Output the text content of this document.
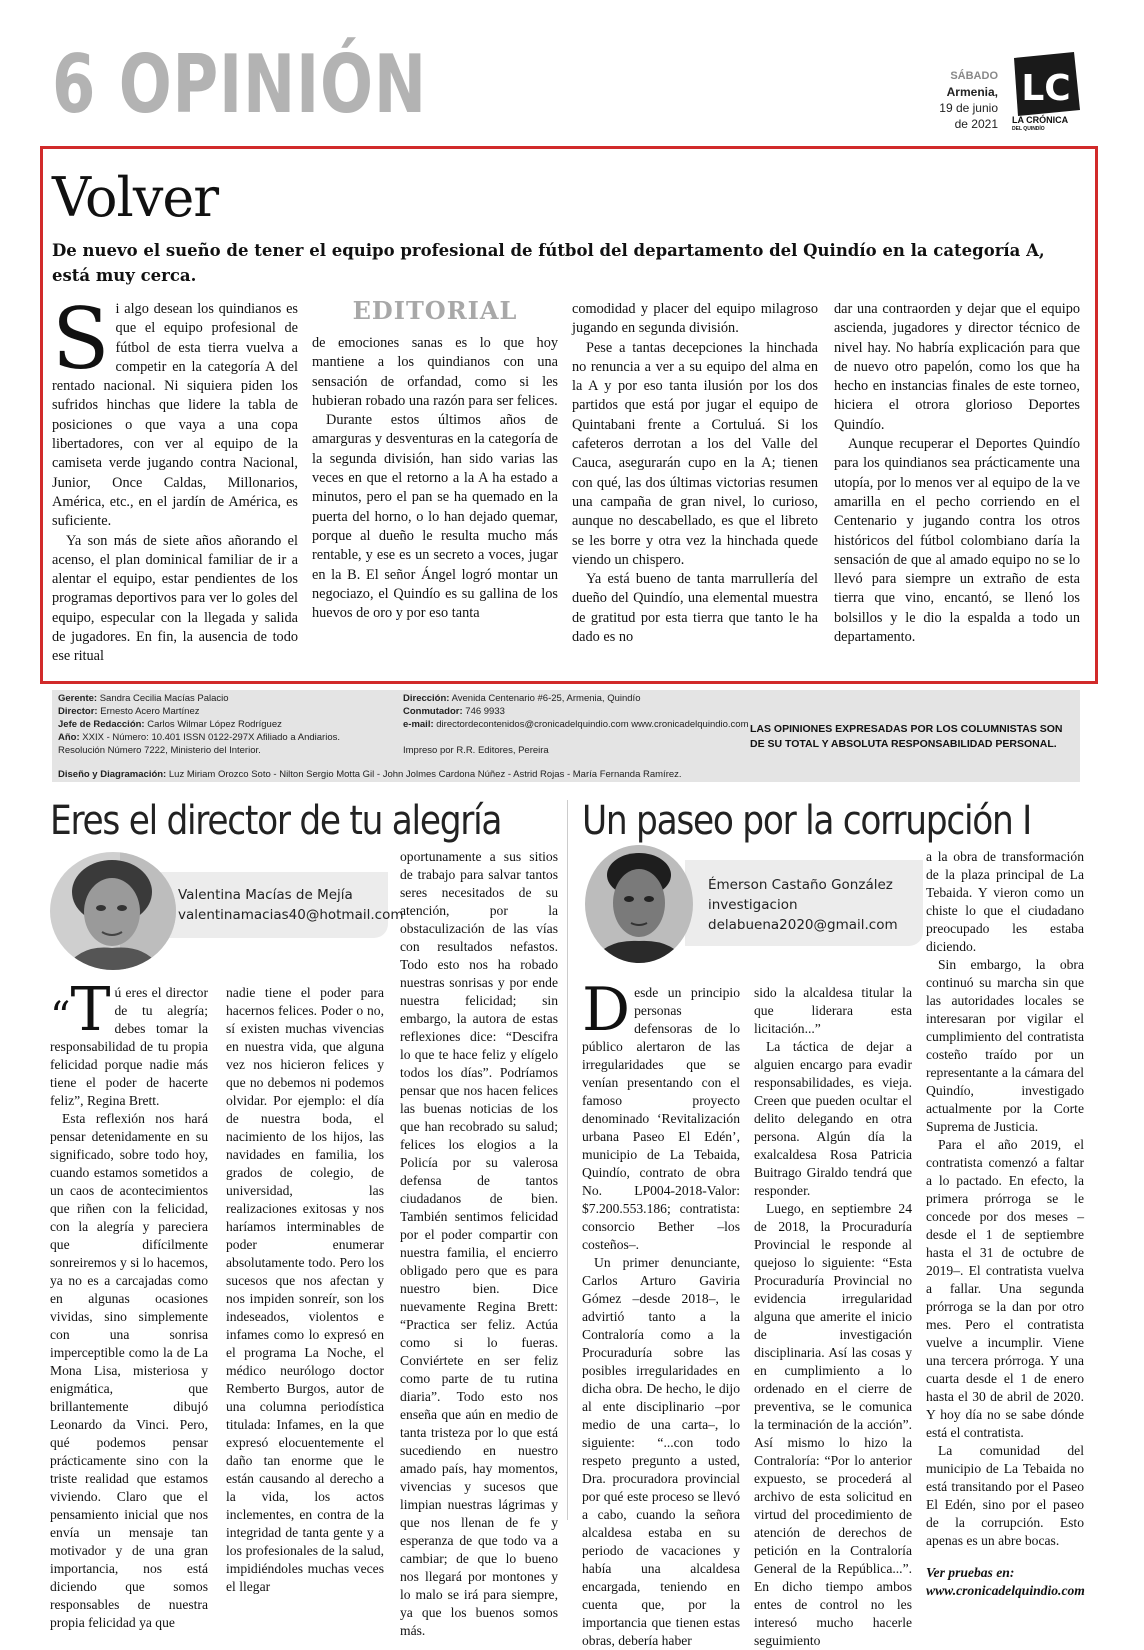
6 OPINIÓN	SÁBADO
Armenia,
19 de junio
de 2021
LC
LA CRÓNICA
DEL QUINDÍO
Volver
De nuevo el sueño de tener el equipo profesional de fútbol del departamento del Quindío en la categoría A, está muy cerca.
EDITORIAL

Si algo desean los quindianos es que el equipo profesional de fútbol de esta tierra vuelva a competir en la categoría A del rentado nacional. Ni siquiera piden los sufridos hinchas que lidere la tabla de posiciones o que vaya a una copa libertadores, con ver al equipo de la camiseta verde jugando contra Nacional, Junior, Once Caldas, Millonarios, América, etc., en el jardín de América, es suficiente.

Ya son más de siete años añorando el acenso, el plan dominical familiar de ir a alentar el equipo, estar pendientes de los programas deportivos para ver lo goles del equipo, especular con la llegada y salida de jugadores. En fin, la ausencia de todo ese ritual

de emociones sanas es lo que hoy mantiene a los quindianos con una sensación de orfandad, como si les hubieran robado una razón para ser felices.

Durante estos últimos años de amarguras y desventuras en la categoría de la segunda división, han sido varias las veces en que el retorno a la A ha estado a minutos, pero el pan se ha quemado en la puerta del horno, o lo han dejado quemar, porque al dueño le resulta mucho más rentable, y ese es un secreto a voces, jugar en la B. El señor Ángel logró montar un negociazo, el Quindío es su gallina de los huevos de oro y por eso tanta

comodidad y placer del equipo milagroso jugando en segunda división.

Pese a tantas decepciones la hinchada no renuncia a ver a su equipo del alma en la A y por eso tanta ilusión por los dos partidos que está por jugar el equipo de Quintabani frente a Cortuluá. Si los cafeteros derrotan a los del Valle del Cauca, asegurarán cupo en la A; tienen con qué, las dos últimas victorias resumen una campaña de gran nivel, lo curioso, aunque no descabellado, es que el libreto se les borre y otra vez la hinchada quede viendo un chispero.

Ya está bueno de tanta marrullería del dueño del Quindío, una elemental muestra de gratitud por esta tierra que tanto le ha dado es no

dar una contraorden y dejar que el equipo ascienda, jugadores y director técnico de nivel hay. No habría explicación para que de nuevo otro papelón, como los que ha hecho en instancias finales de este torneo, hiciera el otrora glorioso Deportes Quindío.

Aunque recuperar el Deportes Quindío para los quindianos sea prácticamente una utopía, por lo menos ver al equipo de la ve amarilla en el pecho corriendo en el Centenario y jugando contra los otros históricos del fútbol colombiano daría la sensación de que al amado equipo no se lo llevó para siempre un extraño de esta tierra que vino, encantó, se llenó los bolsillos y le dio la espalda a todo un departamento.

Gerente: Sandra Cecilia Macías Palacio
Director: Ernesto Acero Martínez
Jefe de Redacción: Carlos Wilmar López Rodríguez
Año: XXIX - Número: 10.401 ISSN 0122-297X Afiliado a Andiarios.
Resolución Número 7222, Ministerio del Interior.
Dirección: Avenida Centenario #6-25, Armenia, Quindío
Conmutador: 746 9933
e-mail: directordecontenidos@cronicadelquindio.com www.cronicadelquindio.com

Impreso por R.R. Editores, Pereira
LAS OPINIONES EXPRESADAS POR LOS COLUMNISTAS SON DE SU TOTAL Y ABSOLUTA RESPONSABILIDAD PERSONAL.
Diseño y Diagramación: Luz Miriam Orozco Soto - Nilton Sergio Motta Gil - John Jolmes Cardona Núñez - Astrid Rojas - María Fernanda Ramírez.
Eres el director de tu alegría
Valentina Macías de Mejía
valentinamacias40@hotmail.com

“T ú eres el director de tu alegría; debes tomar la responsabilidad de tu propia felicidad porque nadie más tiene el poder de hacerte feliz”, Regina Brett.

Esta reflexión nos hará pensar detenidamente en su significado, sobre todo hoy, cuando estamos sometidos a un caos de acontecimientos que riñen con la felicidad, con la alegría y pareciera que difícilmente sonreiremos y si lo hacemos, ya no es a carcajadas como en algunas ocasiones vividas, sino simplemente con una sonrisa imperceptible como la de La Mona Lisa, misteriosa y enigmática, que brillantemente dibujó Leonardo da Vinci. Pero, qué podemos pensar prácticamente sino con la triste realidad que estamos viviendo. Claro que el pensamiento inicial que nos envía un mensaje tan motivador y de una gran importancia, nos está diciendo que somos responsables de nuestra propia felicidad ya que

nadie tiene el poder para hacernos felices. Poder o no, sí existen muchas vivencias en nuestra vida, que alguna vez nos hicieron felices y que no debemos ni podemos olvidar. Por ejemplo: el día de nuestra boda, el nacimiento de los hijos, las navidades en familia, los grados de colegio, de universidad, las realizaciones exitosas y nos haríamos interminables de poder enumerar absolutamente todo. Pero los sucesos que nos afectan y nos impiden sonreír, son los indeseados, violentos e infames como lo expresó en el programa La Noche, el médico neurólogo doctor Remberto Burgos, autor de una columna periodística titulada: Infames, en la que expresó elocuentemente el daño tan enorme que le están causando al derecho a la vida, los actos inclementes, en contra de la integridad de tanta gente y a los profesionales de la salud, impidiéndoles muchas veces el llegar

oportunamente a sus sitios de trabajo para salvar tantos seres necesitados de su atención, por la obstaculización de las vías con resultados nefastos. Todo esto nos ha robado nuestras sonrisas y por ende nuestra felicidad; sin embargo, la autora de estas reflexiones dice: “Descifra lo que te hace feliz y elígelo todos los días”. Podríamos pensar que nos hacen felices las buenas noticias de los que han recobrado su salud; felices los elogios a la Policía por su valerosa defensa de tantos ciudadanos de bien. También sentimos felicidad por el poder compartir con nuestra familia, el encierro obligado pero que es para nuestro bien. Dice nuevamente Regina Brett: “Practica ser feliz. Actúa como si lo fueras. Conviértete en ser feliz como parte de tu rutina diaria”. Todo esto nos enseña que aún en medio de tanta tristeza por lo que está sucediendo en nuestro amado país, hay momentos, vivencias y sucesos que limpian nuestras lágrimas y que nos llenan de fe y esperanza de que todo va a cambiar; de que lo bueno nos llegará por montones y lo malo se irá para siempre, ya que los buenos somos más.

Un paseo por la corrupción I
Émerson Castaño González
investigacion
delabuena2020@gmail.com

Desde un principio personas defensoras de lo público alertaron de las irregularidades que se venían presentando con el famoso proyecto denominado ‘Revitalización urbana Paseo El Edén’, municipio de La Tebaida, Quindío, contrato de obra No. LP004-2018-Valor: $7.200.553.186; contratista: consorcio Bether –los costeños–.

Un primer denunciante, Carlos Arturo Gaviria Gómez –desde 2018–, le advirtió tanto a la Contraloría como a la Procuraduría sobre las posibles irregularidades en dicha obra. De hecho, le dijo al ente disciplinario –por medio de una carta–, lo siguiente: “...con todo respeto pregunto a usted, Dra. procuradora provincial por qué este proceso se llevó a cabo, cuando la señora alcaldesa estaba en su periodo de vacaciones y había una alcaldesa encargada, teniendo en cuenta que, por la importancia que tienen estas obras, debería haber

sido la alcaldesa titular la que liderara esta licitación...”

La táctica de dejar a alguien encargo para evadir responsabilidades, es vieja. Creen que pueden ocultar el delito delegando en otra persona. Algún día la exalcaldesa Rosa Patricia Buitrago Giraldo tendrá que responder.

Luego, en septiembre 24 de 2018, la Procuraduría Provincial le responde al quejoso lo siguiente: “Esta Procuraduría Provincial no evidencia irregularidad alguna que amerite el inicio de investigación disciplinaria. Así las cosas y en cumplimiento a lo ordenado en el cierre de preventiva, se le comunica la terminación de la acción”. Así mismo lo hizo la Contraloría: “Por lo anterior expuesto, se procederá al archivo de esta solicitud en virtud del procedimiento de atención de derechos de petición en la Contraloría General de la República...”. En dicho tiempo ambos entes de control no les interesó mucho hacerle seguimiento

a la obra de transformación de la plaza principal de La Tebaida. Y vieron como un chiste lo que el ciudadano preocupado les estaba diciendo.

Sin embargo, la obra continuó su marcha sin que las autoridades locales se interesaran por vigilar el cumplimiento del contratista costeño traído por un representante a la cámara del Quindío, investigado actualmente por la Corte Suprema de Justicia.

Para el año 2019, el contratista comenzó a faltar a lo pactado. En efecto, la primera prórroga se le concede por dos meses –desde el 1 de septiembre hasta el 31 de octubre de 2019–. El contratista vuelva a fallar. Una segunda prórroga se la dan por otro mes. Pero el contratista vuelve a incumplir. Viene una tercera prórroga. Y una cuarta desde el 1 de enero hasta el 30 de abril de 2020. Y hoy día no se sabe dónde está el contratista.

La comunidad del municipio de La Tebaida no está transitando por el Paseo El Edén, sino por el paseo de la corrupción. Esto apenas es un abre bocas.

Ver pruebas en: www.cronicadelquindio.com
